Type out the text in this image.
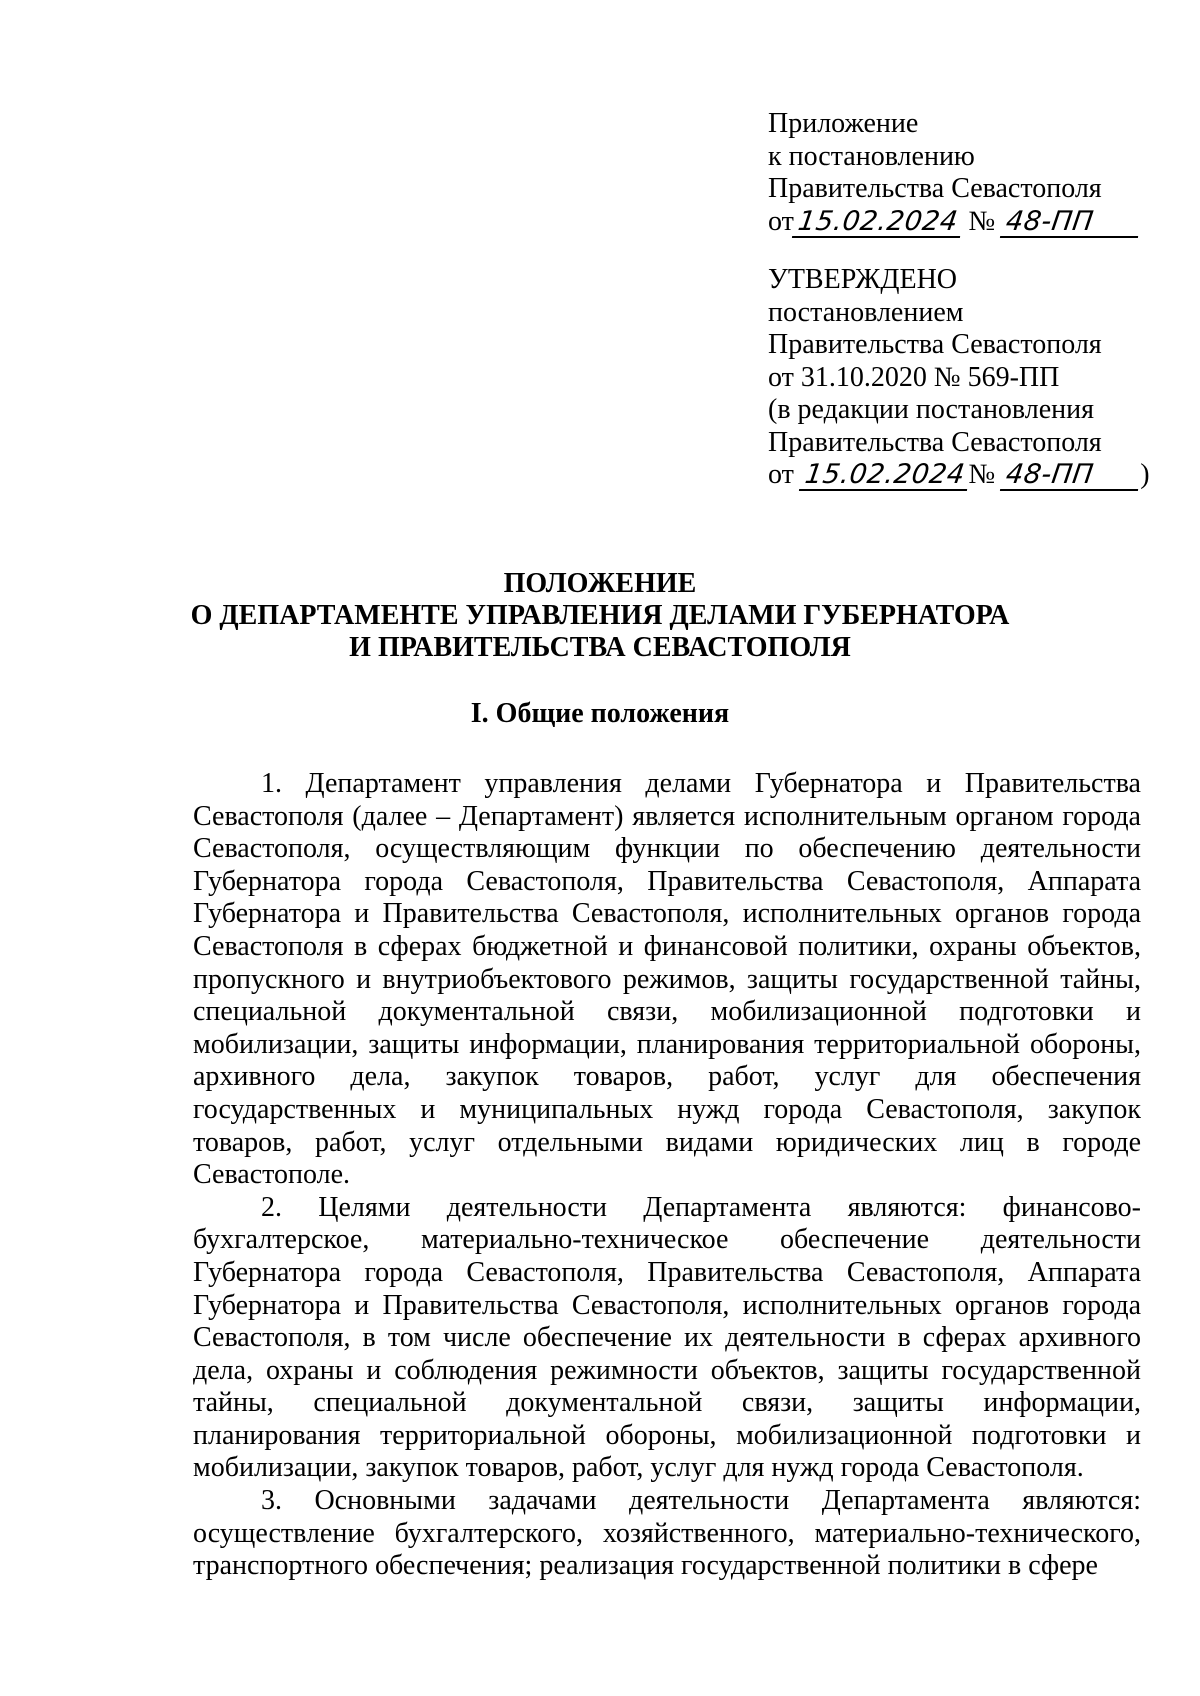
Приложение
к постановлению
Правительства Севастополя
от15.02.2024 № 48-ПП
УТВЕРЖДЕНО
постановлением
Правительства Севастополя
от 31.10.2020 № 569-ПП
(в редакции постановления
Правительства Севастополя
от 15.02.2024№ 48-ПП )
ПОЛОЖЕНИЕ
О ДЕПАРТАМЕНТЕ УПРАВЛЕНИЯ ДЕЛАМИ ГУБЕРНАТОРА
И ПРАВИТЕЛЬСТВА СЕВАСТОПОЛЯ
I. Общие положения

1. Департамент управления делами Губернатора и Правительства Севастополя (далее – Департамент) является исполнительным органом города Севастополя, осуществляющим функции по обеспечению деятельности Губернатора города Севастополя, Правительства Севастополя, Аппарата Губернатора и Правительства Севастополя, исполнительных органов города Севастополя в сферах бюджетной и финансовой политики, охраны объектов, пропускного и внутриобъектового режимов, защиты государственной тайны, специальной документальной связи, мобилизационной подготовки и мобилизации, защиты информации, планирования территориальной обороны, архивного дела, закупок товаров, работ, услуг для обеспечения государственных и муниципальных нужд города Севастополя, закупок товаров, работ, услуг отдельными видами юридических лиц в городе Севастополе.

2. Целями деятельности Департамента являются: финансово-бухгалтерское, материально-техническое обеспечение деятельности Губернатора города Севастополя, Правительства Севастополя, Аппарата Губернатора и Правительства Севастополя, исполнительных органов города Севастополя, в том числе обеспечение их деятельности в сферах архивного дела, охраны и соблюдения режимности объектов, защиты государственной тайны, специальной документальной связи, защиты информации, планирования территориальной обороны, мобилизационной подготовки и мобилизации, закупок товаров, работ, услуг для нужд города Севастополя.

3. Основными задачами деятельности Департамента являются: осуществление бухгалтерского, хозяйственного, материально-технического, транспортного обеспечения; реализация государственной политики в сфере
